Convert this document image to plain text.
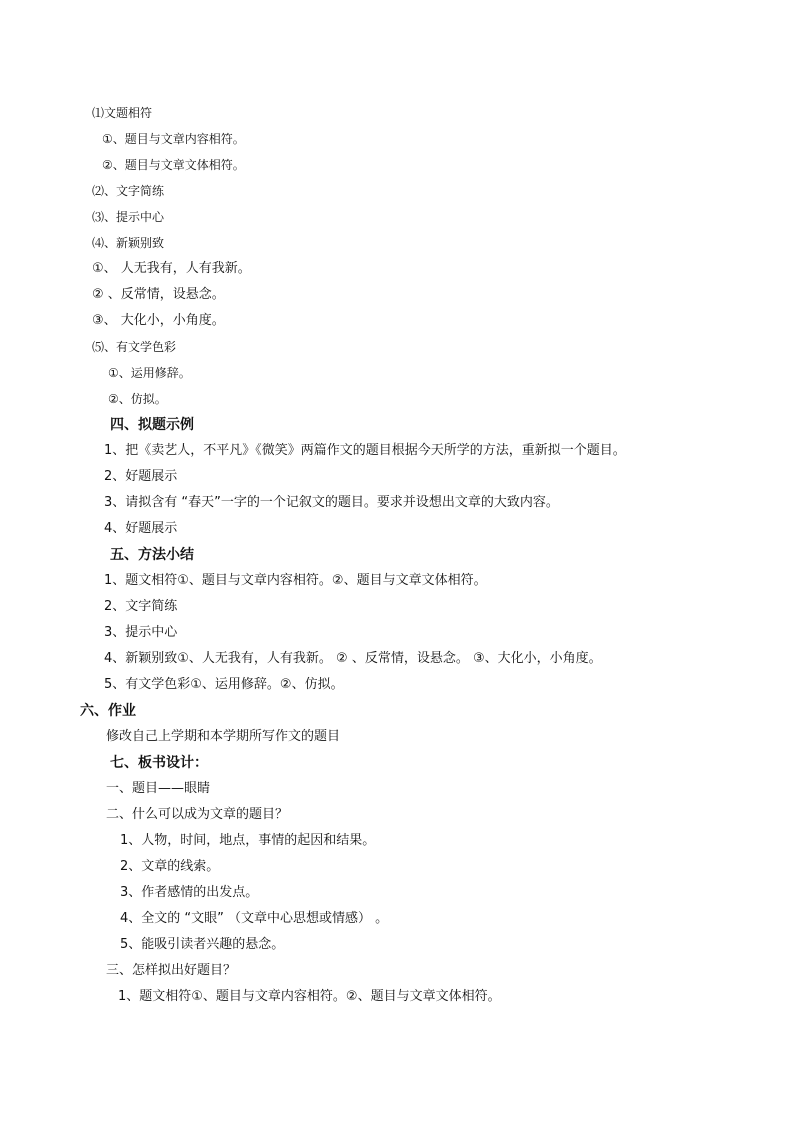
⑴文题相符
①、题目与文章内容相符。
②、题目与文章文体相符。
⑵、文字简练
⑶、提示中心
⑷、新颖别致
①、 人无我有，人有我新。
② 、反常情，设悬念。
③、 大化小，小角度。
⑸、有文学色彩
①、运用修辞。
②、仿拟。
四、拟题示例
1、把《卖艺人，不平凡》《微笑》两篇作文的题目根据今天所学的方法，重新拟一个题目。
2、好题展示
3、请拟含有 “春天”一字的一个记叙文的题目。要求并设想出文章的大致内容。
4、好题展示
五、方法小结
1、题文相符①、题目与文章内容相符。②、题目与文章文体相符。
2、文字简练
3、提示中心
4、新颖别致①、人无我有，人有我新。 ② 、反常情，设悬念。 ③、大化小，小角度。
5、有文学色彩①、运用修辞。②、仿拟。
六、作业
修改自己上学期和本学期所写作文的题目
七、板书设计：
一、题目——眼睛
二、什么可以成为文章的题目？
1、人物，时间，地点，事情的起因和结果。
2、文章的线索。
3、作者感情的出发点。
4、全文的 “文眼” （文章中心思想或情感） 。
5、能吸引读者兴趣的悬念。
三、怎样拟出好题目？
1、题文相符①、题目与文章内容相符。②、题目与文章文体相符。
